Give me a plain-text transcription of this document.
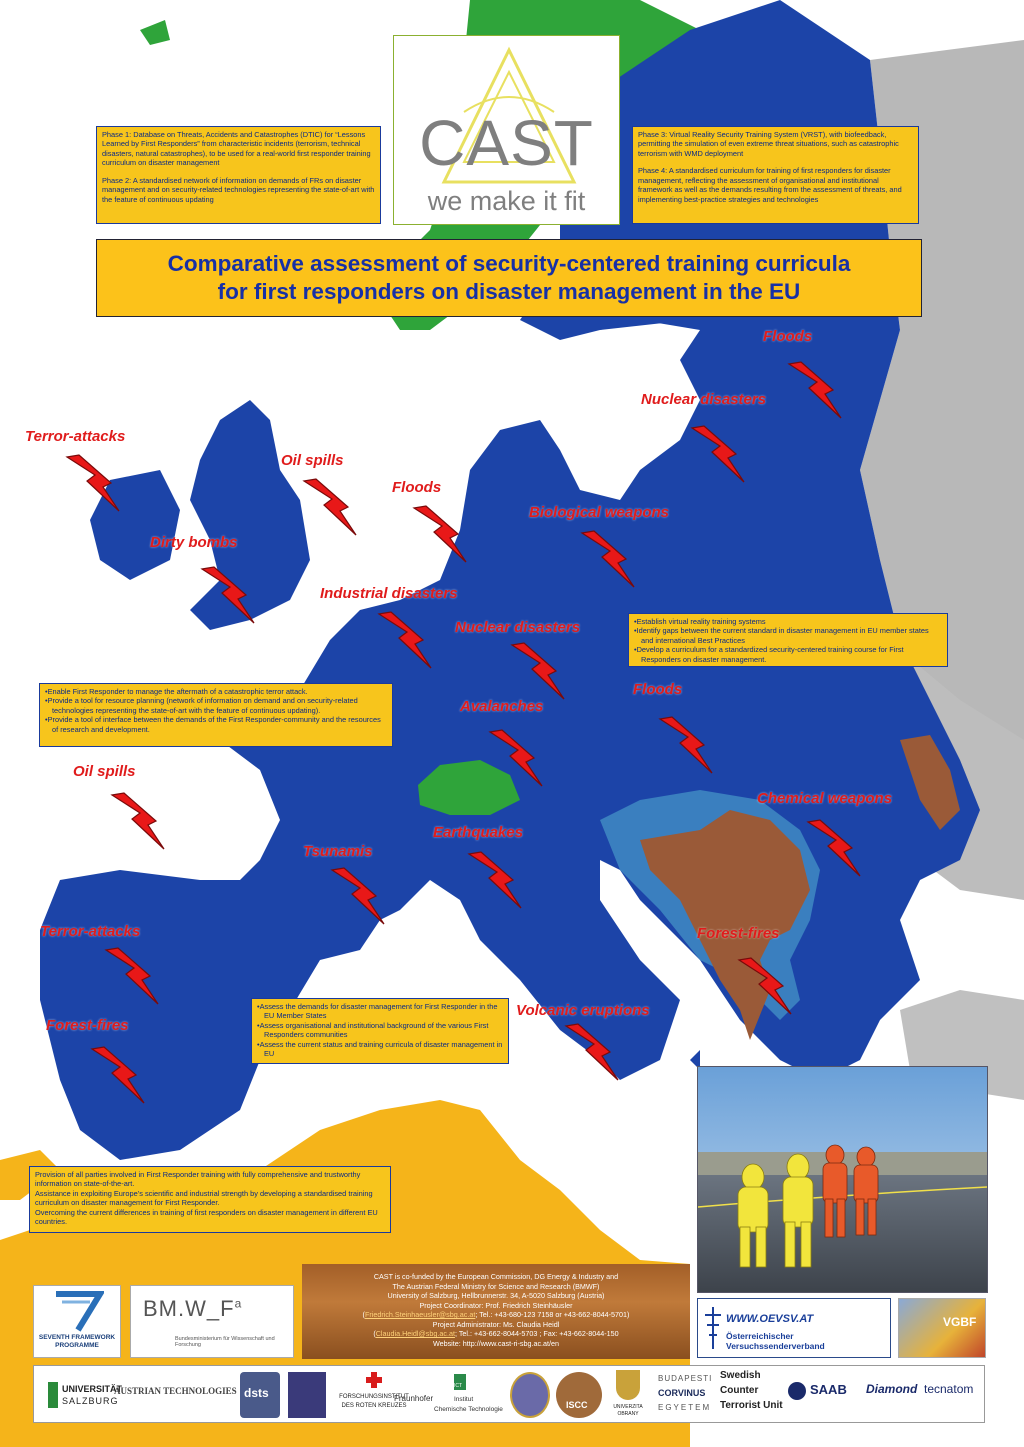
CAST
we make it fit

Phase 1: Database on Threats, Accidents and Catastrophes (DTIC) for “Lessons Learned by First Responders” from characteristic incidents (terrorism, technical disasters, natural catastrophes), to be used for a real-world first responder training curriculum on disaster management

Phase 2: A standardised network of information on demands of FRs on disaster management and on security-related technologies representing the state-of-art with the feature of continuous updating

Phase 3: Virtual Reality Security Training System (VRST), with biofeedback, permitting the simulation of even extreme threat situations, such as catastrophic terrorism with WMD deployment

Phase 4: A standardised curriculum for training of first responders for disaster management, reflecting the assessment of organisational and institutional framework as well as the demands resulting from the assessment of threats, and implementing best-practice strategies and technologies

Comparative assessment of security-centered training curricula
for first responders on disaster management in the EU
• Establish virtual reality training systems
• Identify gaps between the current standard in disaster management in EU member states and international Best Practices
• Develop a curriculum for a standardized security-centered training course for First Responders on disaster management.
• Enable First Responder to manage the aftermath of a catastrophic terror attack.
• Provide a tool for resource planning (network of information on demand and on security-related technologies representing the state-of-art with the feature of continuous updating).
• Provide a tool of interface between the demands of the First Responder-community and the resources of research and development.
• Assess the demands for disaster management for First Responder in the EU Member States
• Assess organisational and institutional background of the various First Responders communities
• Assess the current status and training curricula of disaster management in EU

Provision of all parties involved in First Responder training with fully comprehensive and trustworthy information on state-of-the-art.

Assistance in exploiting Europe’s scientific and industrial strength by developing a standardised training curriculum on disaster management for First Responder.

Overcoming the current differences in training of first responders on disaster management in different EU countries.

Floods
Nuclear disasters
Terror-attacks
Oil spills
Floods
Biological weapons
Dirty bombs
Industrial disasters
Nuclear disasters
Floods
Avalanches
Oil spills
Chemical weapons
Earthquakes
Tsunamis
Terror-attacks	Forest-fires
Volcanic eruptions
Forest-fires
CAST is co-funded by the European Commission, DG Energy & Industry and
The Austrian Federal Ministry for Science and Research (BMWF)
University of Salzburg, Hellbrunnerstr. 34, A-5020 Salzburg (Austria)
Project Coordinator: Prof. Friedrich Steinhäusler
(Friedrich.Steinhaeusler@sbg.ac.at; Tel.: +43-680-123 7158 or +43-662-8044-5701)
Project Administrator: Ms. Claudia Heidl
(Claudia.Heidl@sbg.ac.at; Tel.: +43-662-8044-5703 ; Fax: +43-662-8044-150
Website: http://www.cast-ri-sbg.ac.at/en
SEVENTH FRAMEWORK
PROGRAMME
$BM.W\_F^a$
Bundesministerium für Wissenschaft und Forschung
WWW.OEVSV.AT
Österreichischer Versuchssenderverband
VGBF
UNIVERSITÄT
SALZBURG
AUSTRIAN TECHNOLOGIES dsts	FORSCHUNGSINSTITUT
DES ROTEN KREUZES
Fraunhofer
ICT
Institut
Chemische Technologie	ISCC	UNIVERZITA
OBRANY
BUDAPESTI
CORVINUS
EGYETEM
Swedish
Counter
Terrorist Unit
SAAB Diamond tecnatom
